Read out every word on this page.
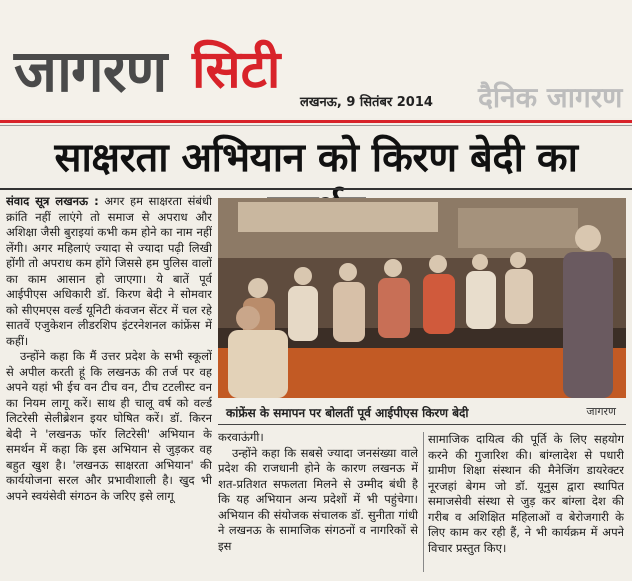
जागरण सिटी
लखनऊ, 9 सितंबर 2014 दैनिक जागरण
साक्षरता अभियान को किरण बेदी का

संवाद सूत्र लखनऊ : अगर हम साक्षरता संबंधी क्रांति नहीं लाएंगे तो समाज से अपराध और अशिक्षा जैसी बुराइयां कभी कम होने का नाम नहीं लेंगी। अगर महिलाएं ज्यादा से ज्यादा पढ़ी लिखी होंगी तो अपराध कम होंगे जिससे हम पुलिस वालों का काम आसान हो जाएगा। ये बातें पूर्व आईपीएस अधिकारी डॉ. किरण बेदी ने सोमवार को सीएमएस वर्ल्ड यूनिटी कंवजन सेंटर में चल रहे सातवें एजुकेशन लीडरशिप इंटरनेशनल कांफ्रेंस में कहीं।

उन्होंने कहा कि मैं उत्तर प्रदेश के सभी स्कूलों से अपील करती हूं कि लखनऊ की तर्ज पर वह अपने यहां भी ईच वन टीच वन, टीच टटलीस्ट वन का नियम लागू करें। साथ ही चालू वर्ष को वर्ल्ड लिटरेसी सेलीब्रेशन इयर घोषित करें। डॉ. किरन बेदी ने 'लखनऊ फॉर लिटरेसी' अभियान के समर्थन में कहा कि इस अभियान से जुड़कर वह बहुत खुश है। 'लखनऊ साक्षरता अभियान' की कार्ययोजना सरल और प्रभावीशाली है। खुद भी अपने स्वयंसेवी संगठन के जरिए इसे लागू

कांफ्रेंस के समापन पर बोलतीं पूर्व आईपीएस किरण बेदी	जागरण

करवाऊंगी।

उन्होंने कहा कि सबसे ज्यादा जनसंख्या वाले प्रदेश की राजधानी होने के कारण लखनऊ में शत-प्रतिशत सफलता मिलने से उम्मीद बंधी है कि यह अभियान अन्य प्रदेशों में भी पहुंचेगा। अभियान की संयोजक संचालक डॉ. सुनीता गांधी ने लखनऊ के सामाजिक संगठनों व नागरिकों से इस

सामाजिक दायित्व की पूर्ति के लिए सहयोग करने की गुजारिश की। बांग्लादेश से पधारी ग्रामीण शिक्षा संस्थान की मैनेजिंग डायरेक्टर नूरजहां बेगम जो डॉ. यूनुस द्वारा स्थापित समाजसेवी संस्था से जुड़ कर बांग्ला देश की गरीब व अशिक्षित महिलाओं व बेरोजगारी के लिए काम कर रही हैं, ने भी कार्यक्रम में अपने विचार प्रस्तुत किए।
